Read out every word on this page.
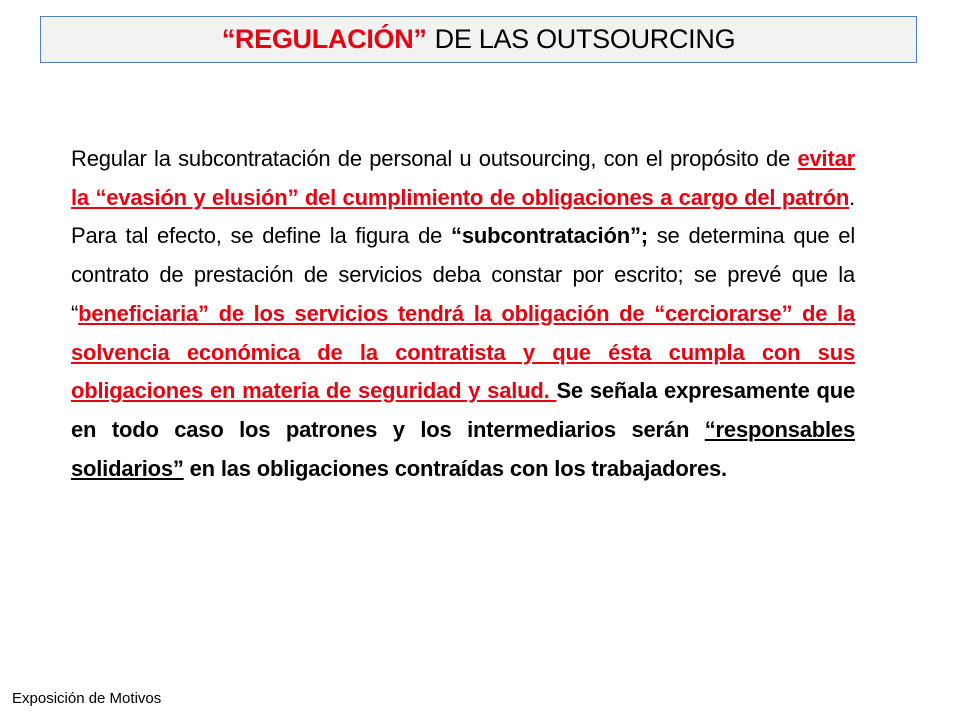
“REGULACIÓN” DE LAS OUTSOURCING
Regular la subcontratación de personal u outsourcing, con el propósito de evitar la “evasión y elusión” del cumplimiento de obligaciones a cargo del patrón. Para tal efecto, se define la figura de “subcontratación”; se determina que el contrato de prestación de servicios deba constar por escrito; se prevé que la “beneficiaria” de los servicios tendrá la obligación de “cerciorarse” de la solvencia económica de la contratista y que ésta cumpla con sus obligaciones en materia de seguridad y salud. Se señala expresamente que en todo caso los patrones y los intermediarios serán “responsables solidarios” en las obligaciones contraídas con los trabajadores.
Exposición de Motivos
